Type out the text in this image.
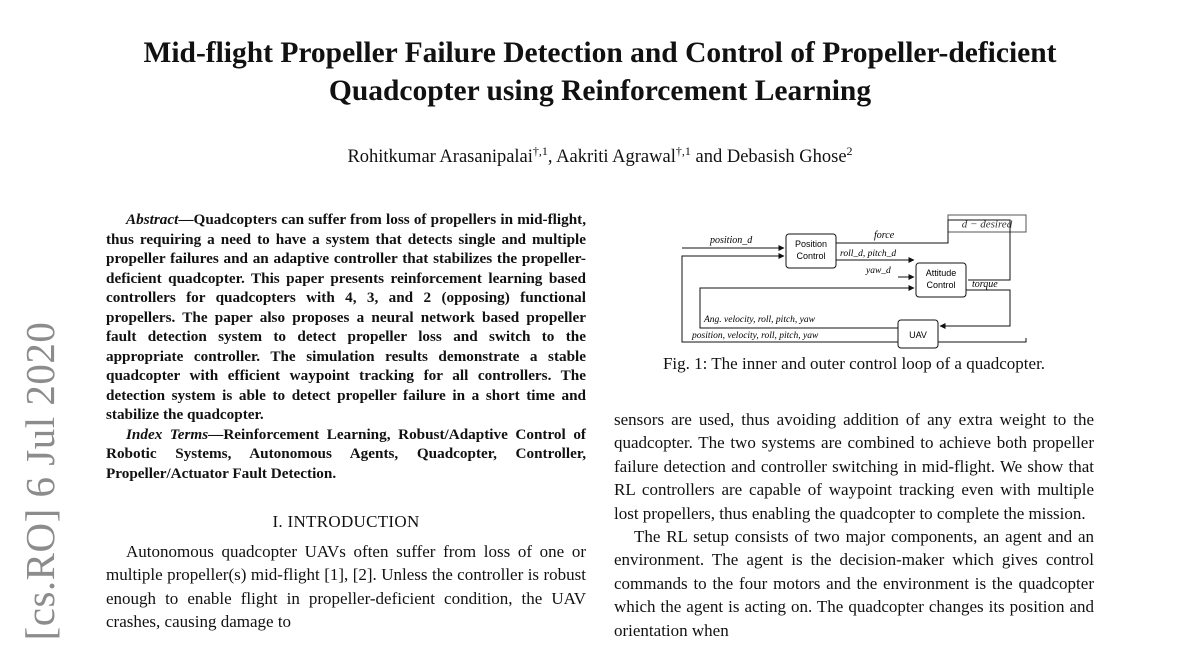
Mid-flight Propeller Failure Detection and Control of Propeller-deficient
Quadcopter using Reinforcement Learning
Rohitkumar Arasanipalai$^{\dagger,1}$, Aakriti Agrawal$^{\dagger,1}$ and Debasish Ghose$^2$
[cs.RO] 6 Jul 2020

Abstract—Quadcopters can suffer from loss of propellers in mid-flight, thus requiring a need to have a system that detects single and multiple propeller failures and an adaptive controller that stabilizes the propeller-deficient quadcopter. This paper presents reinforcement learning based controllers for quadcopters with 4, 3, and 2 (opposing) functional propellers. The paper also proposes a neural network based propeller fault detection system to detect propeller loss and switch to the appropriate controller. The simulation results demonstrate a stable quadcopter with efficient waypoint tracking for all controllers. The detection system is able to detect propeller failure in a short time and stabilize the quadcopter.

Index Terms—Reinforcement Learning, Robust/Adaptive Control of Robotic Systems, Autonomous Agents, Quadcopter, Controller, Propeller/Actuator Fault Detection.

I. INTRODUCTION

Autonomous quadcopter UAVs often suffer from loss of one or multiple propeller(s) mid-flight [1], [2]. Unless the controller is robust enough to enable flight in propeller-deficient condition, the UAV crashes, causing damage to

d − desired
Position
Control
Attitude
Control
UAV
position_d	force
roll_d, pitch_d
yaw_d
torque
Ang. velocity, roll, pitch, yaw
position, velocity, roll, pitch, yaw
Fig. 1: The inner and outer control loop of a quadcopter.

sensors are used, thus avoiding addition of any extra weight to the quadcopter. The two systems are combined to achieve both propeller failure detection and controller switching in mid-flight. We show that RL controllers are capable of waypoint tracking even with multiple lost propellers, thus enabling the quadcopter to complete the mission.

The RL setup consists of two major components, an agent and an environment. The agent is the decision-maker which gives control commands to the four motors and the environment is the quadcopter which the agent is acting on. The quadcopter changes its position and orientation when
